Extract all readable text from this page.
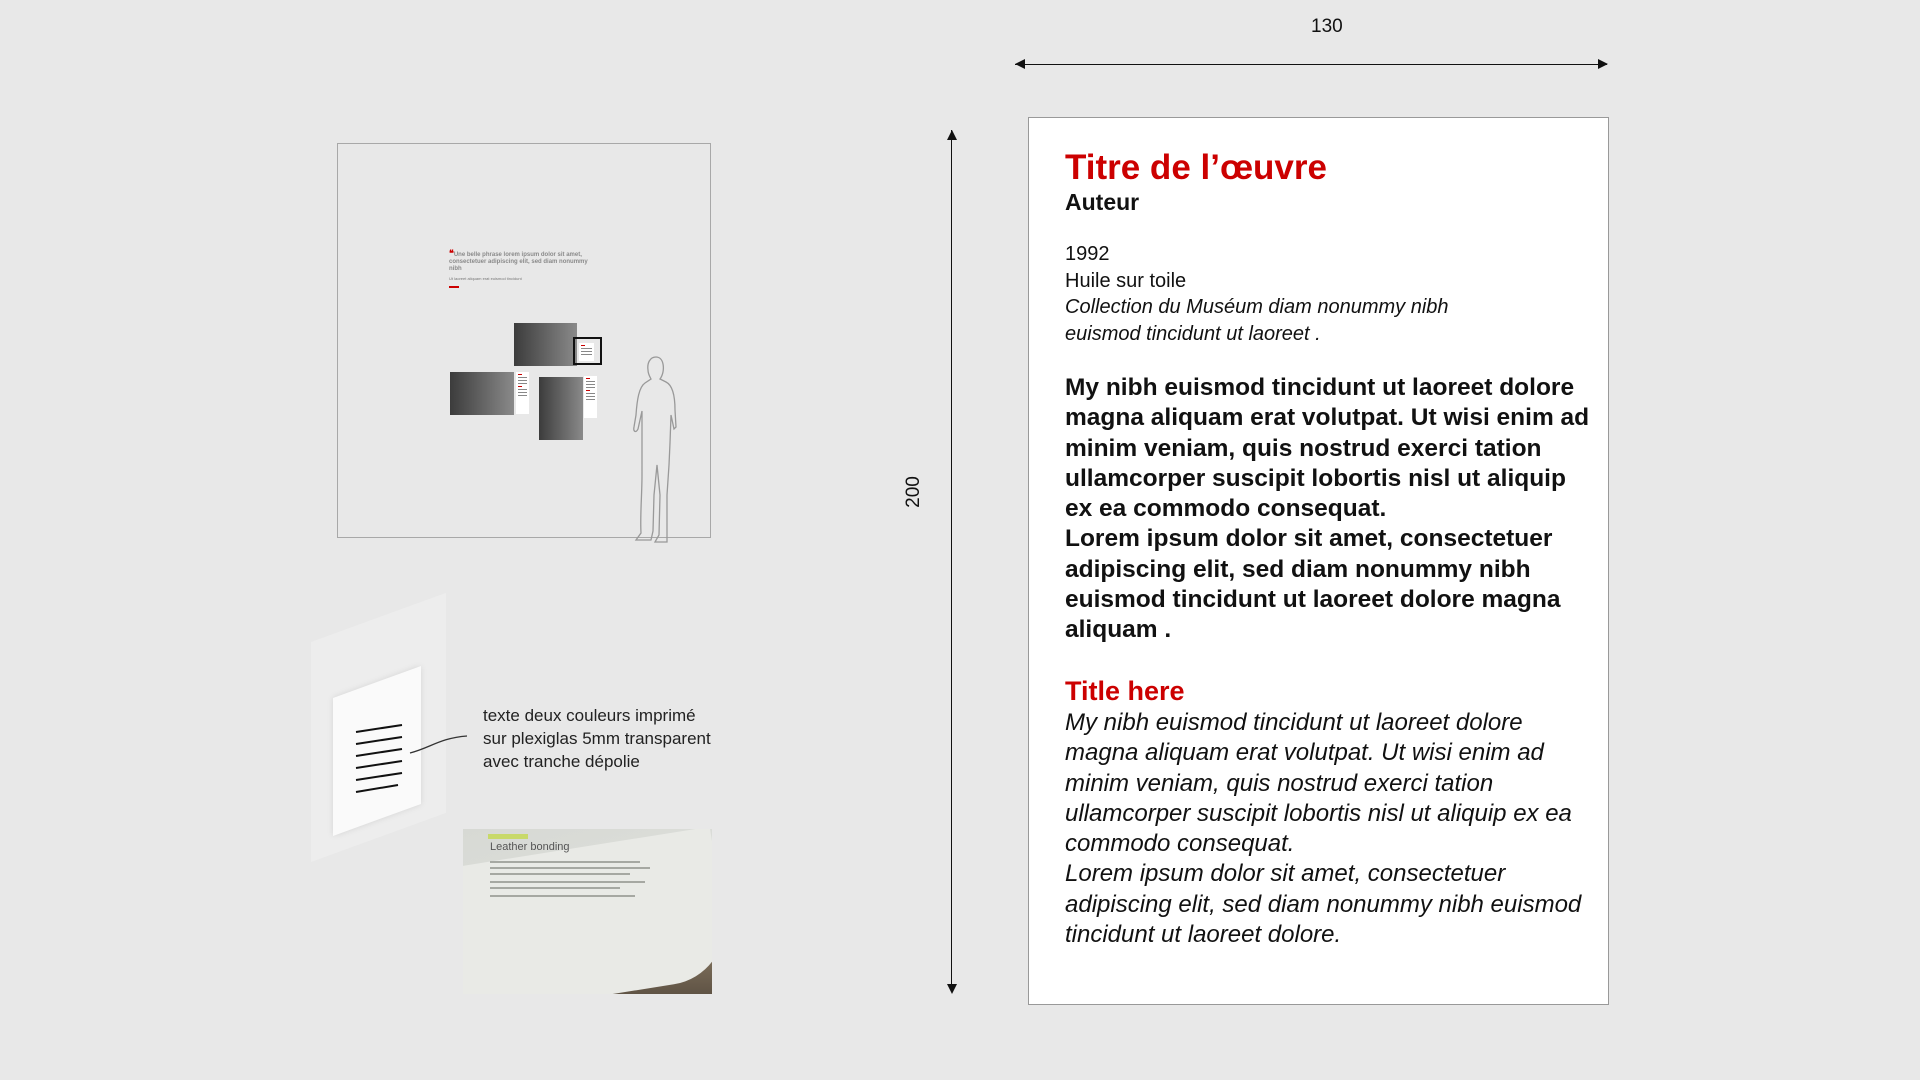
❝Une belle phrase lorem ipsum dolor sit amet, consectetuer adipiscing elit, sed diam nonummy nibh
Ut laoreet aliquam erat euismod tincidunt
texte deux couleurs imprimé
sur plexiglas 5mm transparent
avec tranche dépolie
Leather bonding
130
200
Titre de l’œuvre
Auteur
1992
Huile sur toile
Collection du Muséum diam nonummy nibh
euismod tincidunt ut laoreet .

My nibh euismod tincidunt ut laoreet dolore magna aliquam erat volutpat. Ut wisi enim ad minim veniam, quis nostrud exerci tation ullamcorper suscipit lobortis nisl ut aliquip ex ea commodo consequat.

Lorem ipsum dolor sit amet, consectetuer adipiscing elit, sed diam nonummy nibh euismod tincidunt ut laoreet dolore magna aliquam .

Title here

My nibh euismod tincidunt ut laoreet dolore magna aliquam erat volutpat. Ut wisi enim ad minim veniam, quis nostrud exerci tation ullamcorper suscipit lobortis nisl ut aliquip ex ea commodo consequat.

Lorem ipsum dolor sit amet, consectetuer adipiscing elit, sed diam nonummy nibh euismod tincidunt ut laoreet dolore.
